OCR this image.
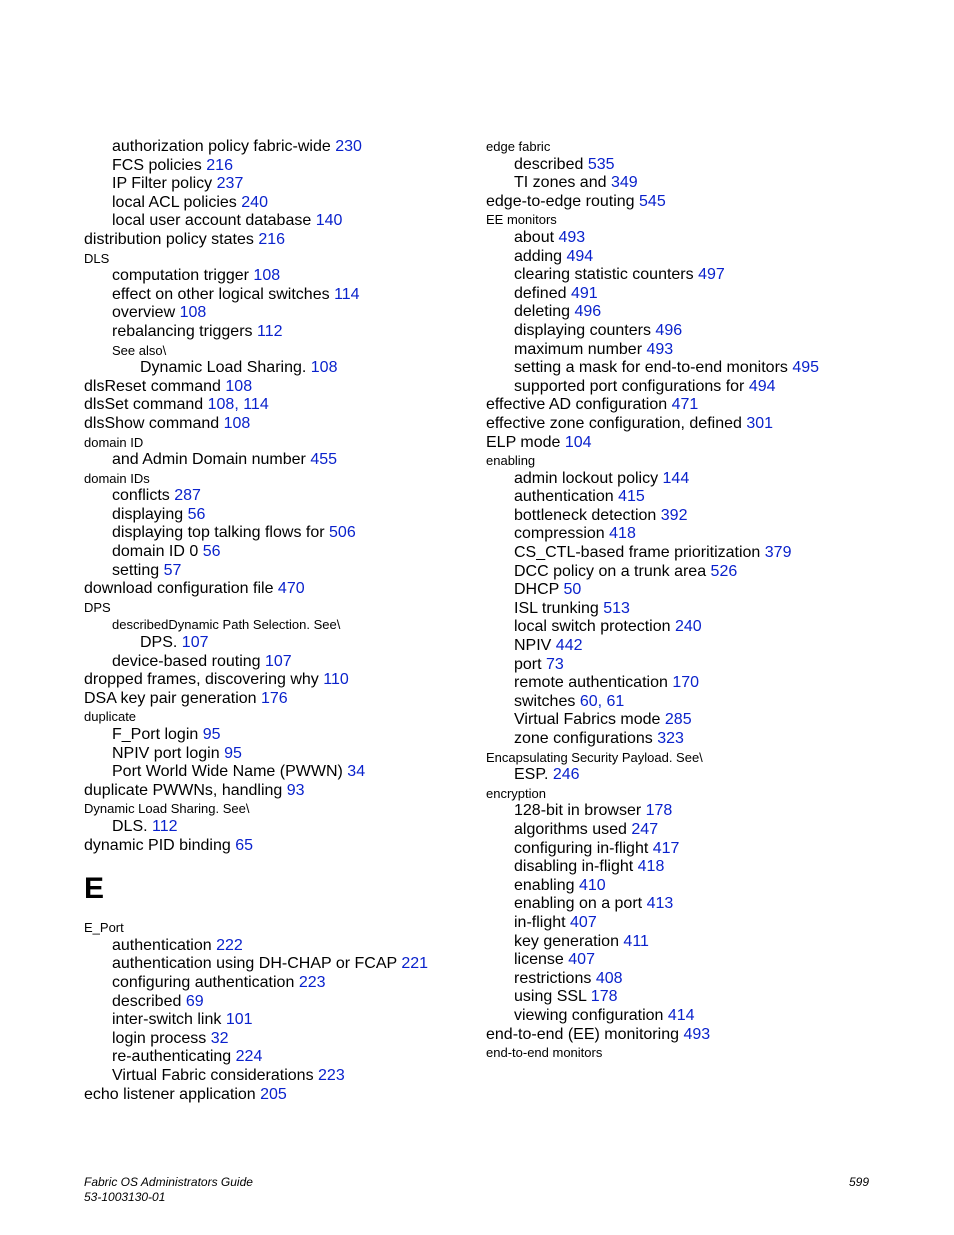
authorization policy fabric-wide 230
FCS policies 216
IP Filter policy 237
local ACL policies 240
local user account database 140
distribution policy states 216
DLS
computation trigger 108
effect on other logical switches 114
overview 108
rebalancing triggers 112
See also\
Dynamic Load Sharing. 108
dlsReset command 108
dlsSet command 108, 114
dlsShow command 108
domain ID
and Admin Domain number 455
domain IDs
conflicts 287
displaying 56
displaying top talking flows for 506
domain ID 0 56
setting 57
download configuration file 470
DPS
describedDynamic Path Selection. See\
DPS. 107
device-based routing 107
dropped frames, discovering why 110
DSA key pair generation 176
duplicate
F_Port login 95
NPIV port login 95
Port World Wide Name (PWWN) 34
duplicate PWWNs, handling 93
Dynamic Load Sharing. See\
DLS. 112
dynamic PID binding 65
E
E_Port
authentication 222
authentication using DH-CHAP or FCAP 221
configuring authentication 223
described 69
inter-switch link 101
login process 32
re-authenticating 224
Virtual Fabric considerations 223
echo listener application 205
edge fabric
described 535
TI zones and 349
edge-to-edge routing 545
EE monitors
about 493
adding 494
clearing statistic counters 497
defined 491
deleting 496
displaying counters 496
maximum number 493
setting a mask for end-to-end monitors 495
supported port configurations for 494
effective AD configuration 471
effective zone configuration, defined 301
ELP mode 104
enabling
admin lockout policy 144
authentication 415
bottleneck detection 392
compression 418
CS_CTL-based frame prioritization 379
DCC policy on a trunk area 526
DHCP 50
ISL trunking 513
local switch protection 240
NPIV 442
port 73
remote authentication 170
switches 60, 61
Virtual Fabrics mode 285
zone configurations 323
Encapsulating Security Payload. See\
ESP. 246
encryption
128-bit in browser 178
algorithms used 247
configuring in-flight 417
disabling in-flight 418
enabling 410
enabling on a port 413
in-flight 407
key generation 411
license 407
restrictions 408
using SSL 178
viewing configuration 414
end-to-end (EE) monitoring 493
end-to-end monitors
Fabric OS Administrators Guide
53-1003130-01
599
